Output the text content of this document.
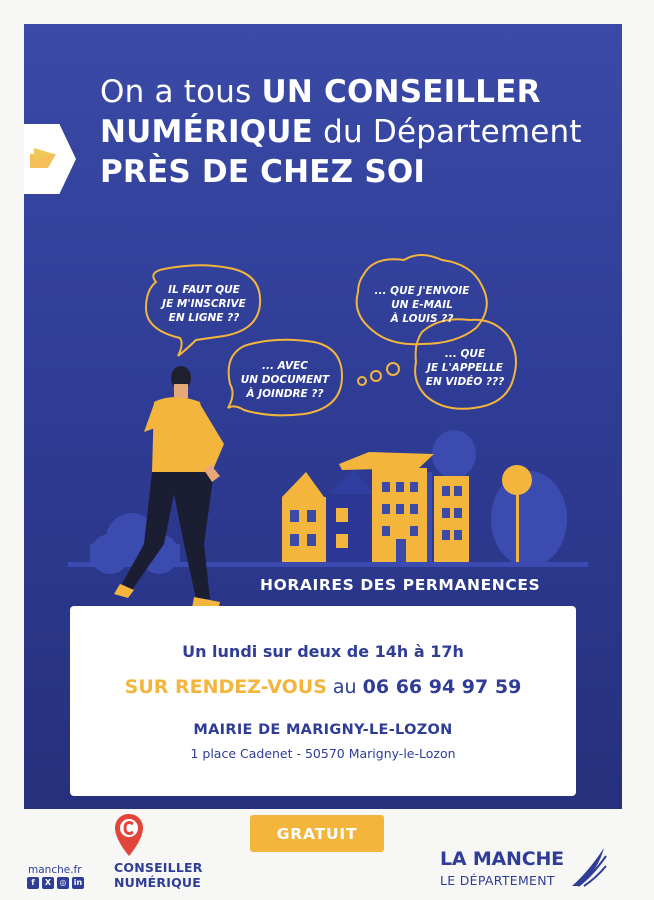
On a tous UN CONSEILLER NUMÉRIQUE du Département
PRÈS DE CHEZ SOI
IL FAUT QUE
JE M'INSCRIVE
EN LIGNE ??
... AVEC
UN DOCUMENT
À JOINDRE ??
... QUE J'ENVOIE
UN E-MAIL
À LOUIS ??
... QUE
JE L'APPELLE
EN VIDÉO ???
HORAIRES DES PERMANENCES
Un lundi sur deux de 14h à 17h
SUR RENDEZ-VOUS au 06 66 94 97 59
MAIRIE DE MARIGNY-LE-LOZON
1 place Cadenet - 50570 Marigny-le-Lozon
GRATUIT
manche.fr
f	X	◎ in
CONSEILLER
NUMÉRIQUE
LA MANCHE
LE DÉPARTEMENT
